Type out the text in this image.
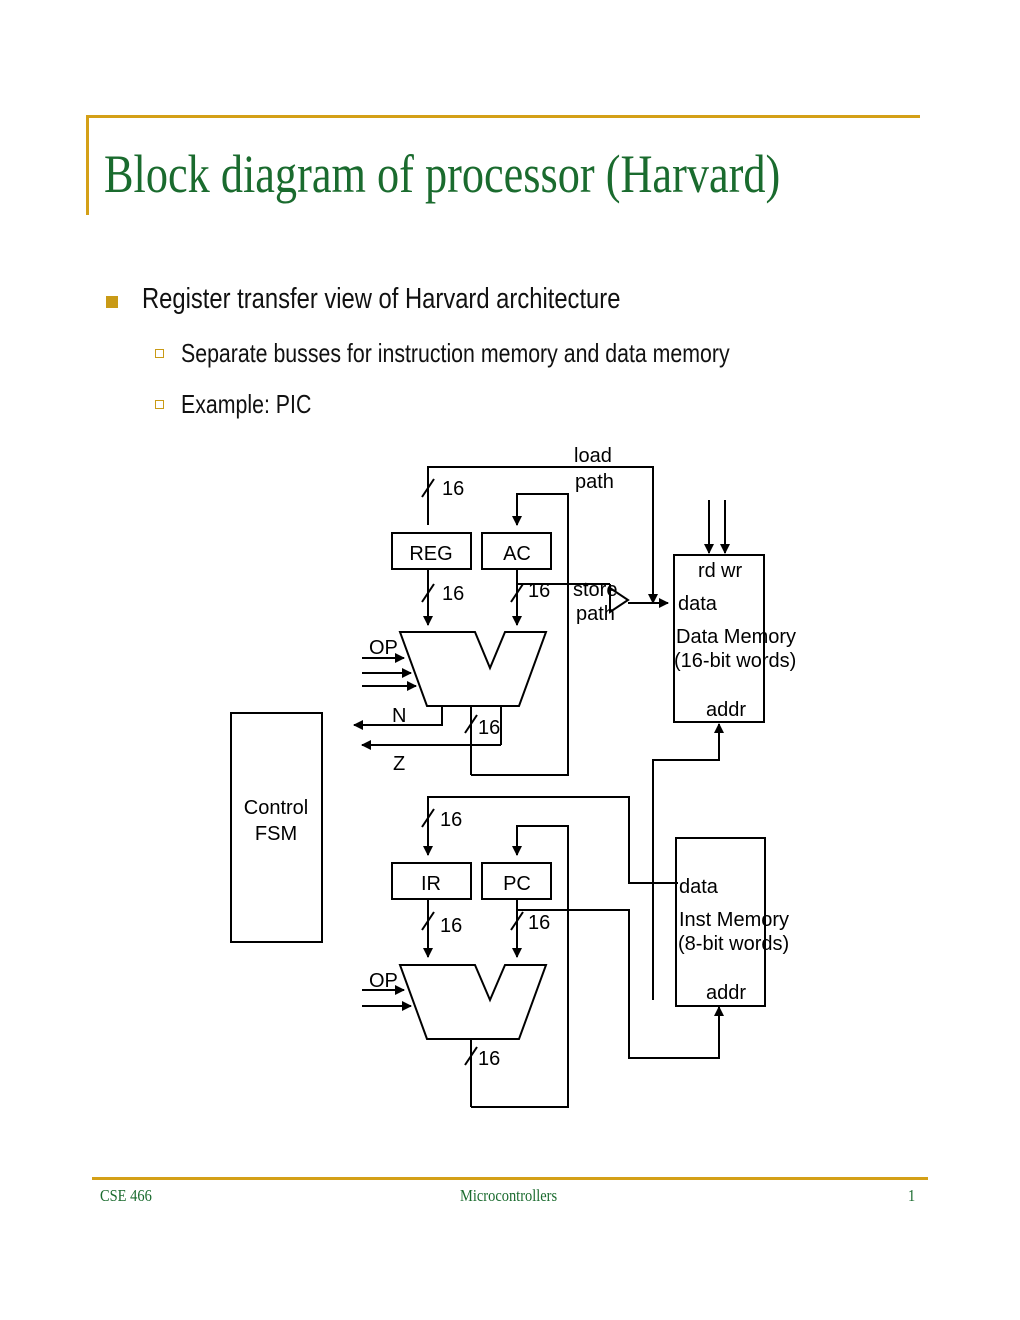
Block diagram of processor (Harvard)
Register transfer view of Harvard architecture
Separate busses for instruction memory and data memory
Example: PIC
load
path
16
REG	AC
16	16 store
path
OP
N
16
Z
Control
FSM
16
IR	PC
16	16
OP
16
rd wr
data
Data Memory
(16-bit words)
addr
data
Inst Memory
(8-bit words)
addr
CSE 466	Microcontrollers	1
